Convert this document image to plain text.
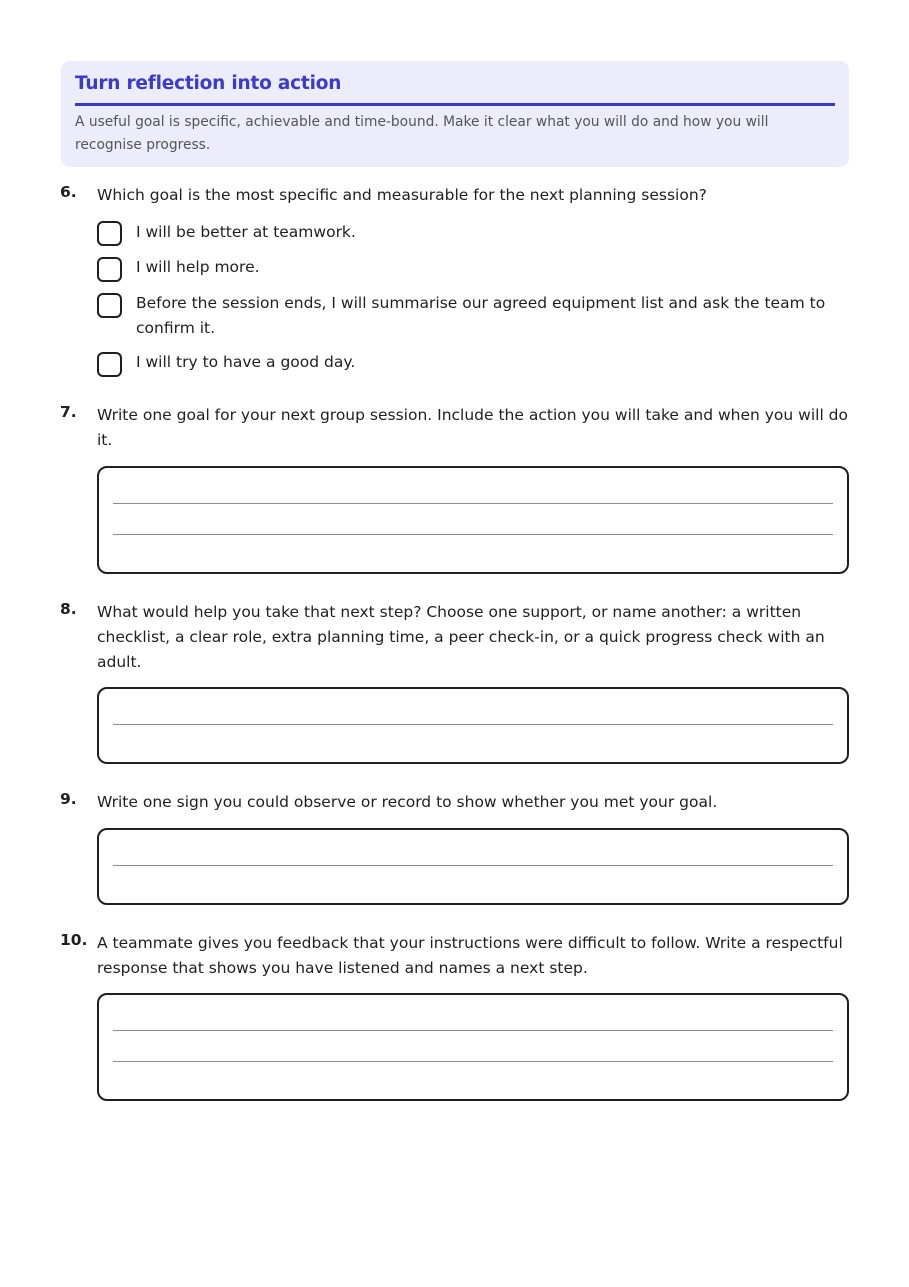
Turn reflection into action
A useful goal is specific, achievable and time-bound. Make it clear what you will do and how you will recognise progress.
6. Which goal is the most specific and measurable for the next planning session?
I will be better at teamwork.
I will help more.
Before the session ends, I will summarise our agreed equipment list and ask the team to confirm it.
I will try to have a good day.
7. Write one goal for your next group session. Include the action you will take and when you will do it.
8. What would help you take that next step? Choose one support, or name another: a written checklist, a clear role, extra planning time, a peer check-in, or a quick progress check with an adult.
9. Write one sign you could observe or record to show whether you met your goal.
10. A teammate gives you feedback that your instructions were difficult to follow. Write a respectful response that shows you have listened and names a next step.
